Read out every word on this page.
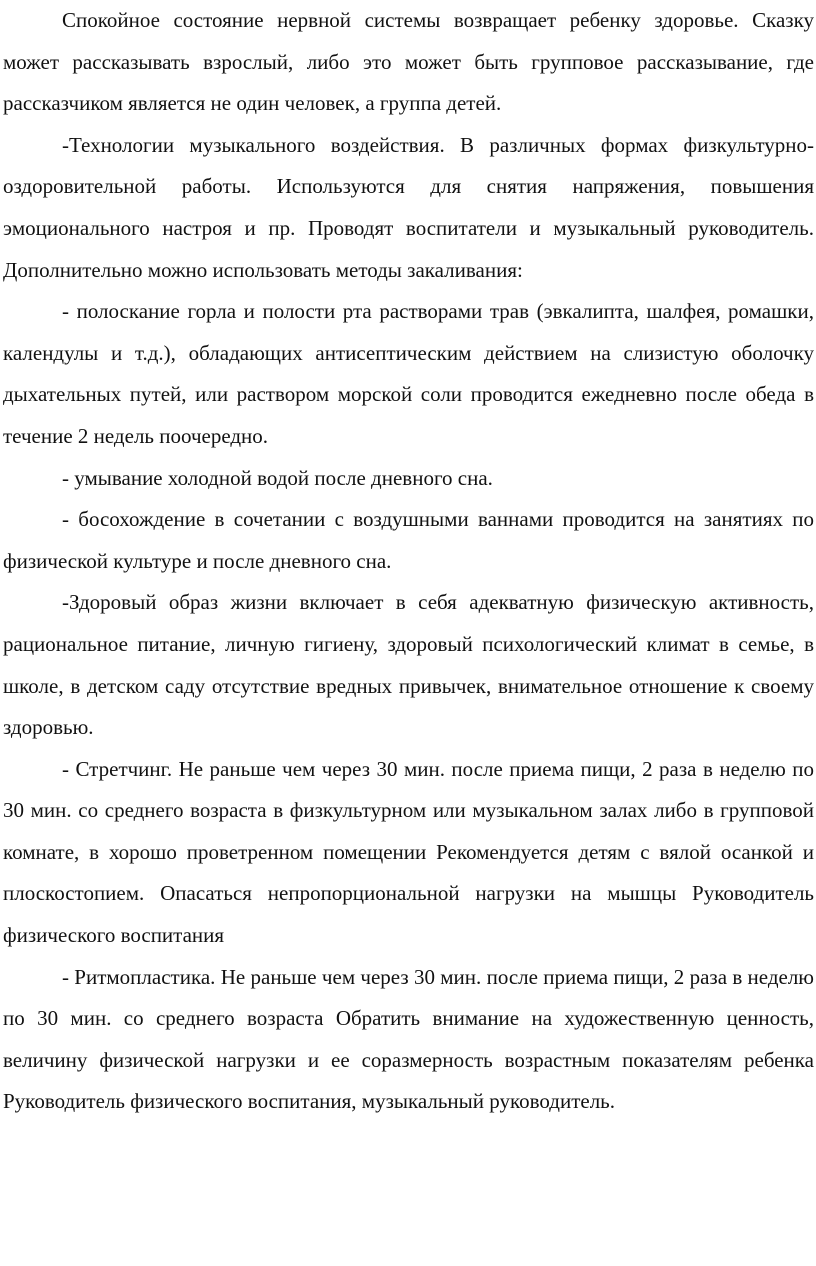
Спокойное состояние нервной системы возвращает ребенку здоровье. Сказку может рассказывать взрослый, либо это может быть групповое рассказывание, где рассказчиком является не один человек, а группа детей.

-Технологии музыкального воздействия. В различных формах физкультурно-оздоровительной работы. Используются для снятия напряжения, повышения эмоционального настроя и пр. Проводят воспитатели и музыкальный руководитель.

Дополнительно можно использовать методы закаливания:

- полоскание горла и полости рта растворами трав (эвкалипта, шалфея, ромашки, календулы и т.д.), обладающих антисептическим действием на слизистую оболочку дыхательных путей, или раствором морской соли проводится ежедневно после обеда в течение 2 недель поочередно.

- умывание холодной водой после дневного сна.

- босохождение в сочетании с воздушными ваннами проводится на занятиях по физической культуре и после дневного сна.

-Здоровый образ жизни включает в себя адекватную физическую активность, рациональное питание, личную гигиену, здоровый психологический климат в семье, в школе, в детском саду отсутствие вредных привычек, внимательное отношение к своему здоровью.

- Стретчинг. Не раньше чем через 30 мин. после приема пищи, 2 раза в неделю по 30 мин. со среднего возраста в физкультурном или музыкальном залах либо в групповой комнате, в хорошо проветренном помещении Рекомендуется детям с вялой осанкой и плоскостопием. Опасаться непропорциональной нагрузки на мышцы Руководитель физического воспитания

- Ритмопластика. Не раньше чем через 30 мин. после приема пищи, 2 раза в неделю по 30 мин. со среднего возраста Обратить внимание на художественную ценность, величину физической нагрузки и ее соразмерность возрастным показателям ребенка Руководитель физического воспитания, музыкальный руководитель.
